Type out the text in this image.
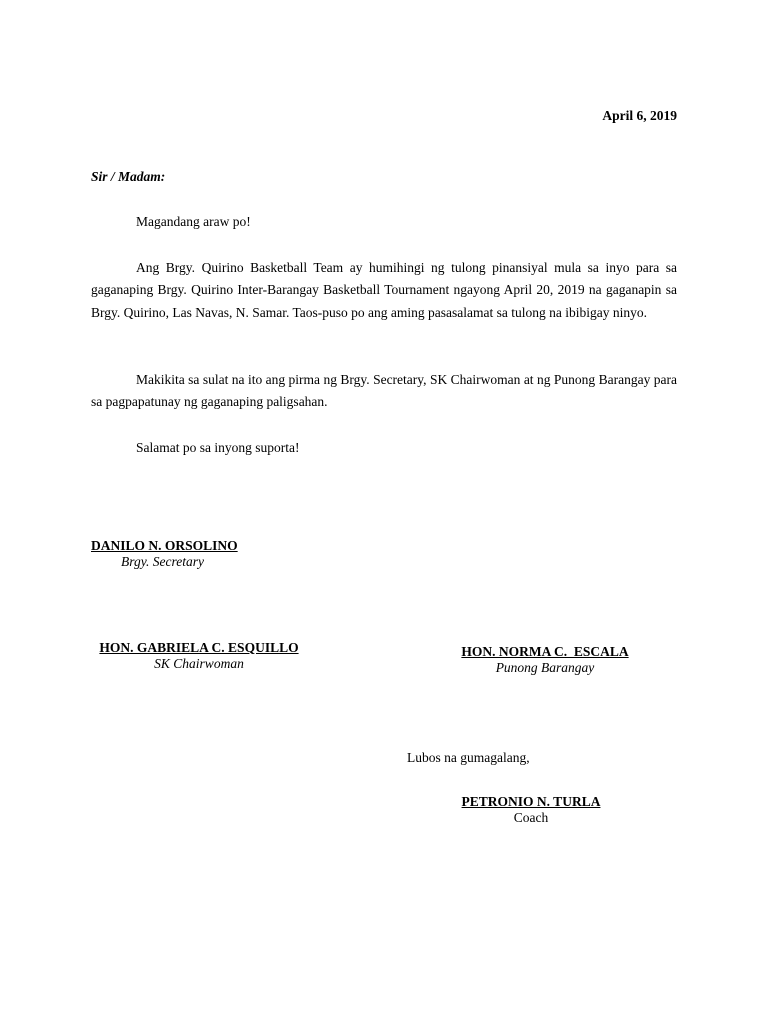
April 6, 2019
Sir / Madam:
Magandang araw po!
Ang Brgy. Quirino Basketball Team ay humihingi ng tulong pinansiyal mula sa inyo para sa gaganaping Brgy. Quirino Inter-Barangay Basketball Tournament ngayong April 20, 2019 na gaganapin sa Brgy. Quirino, Las Navas, N. Samar. Taos-puso po ang aming pasasalamat sa tulong na ibibigay ninyo.
Makikita sa sulat na ito ang pirma ng Brgy. Secretary, SK Chairwoman at ng Punong Barangay para sa pagpapatunay ng gaganaping paligsahan.
Salamat po sa inyong suporta!
DANILO N. ORSOLINO
Brgy. Secretary
HON. GABRIELA C. ESQUILLO
SK Chairwoman
HON. NORMA C.  ESCALA
Punong Barangay
Lubos na gumagalang,
PETRONIO N. TURLA
Coach
